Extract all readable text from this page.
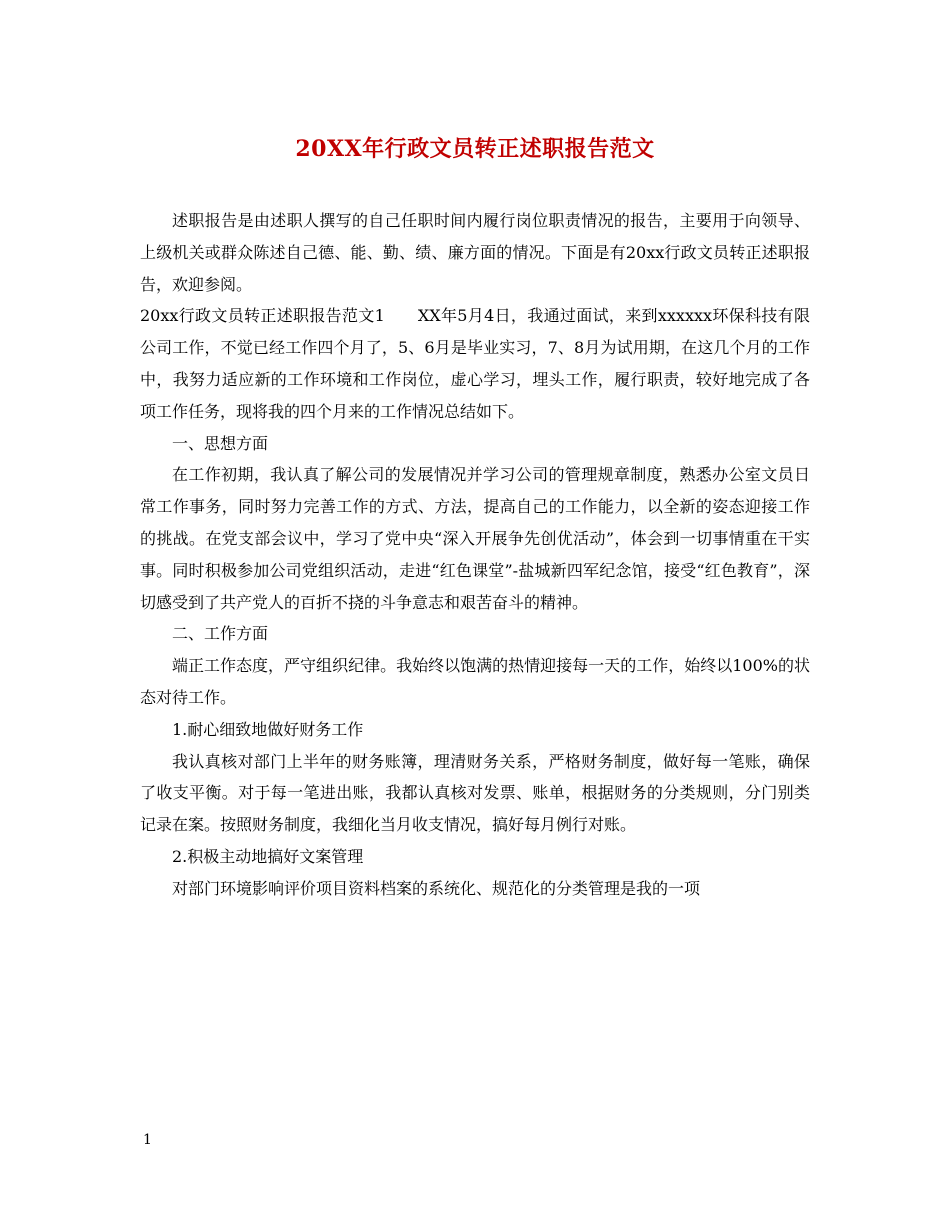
20XX年行政文员转正述职报告范文

述职报告是由述职人撰写的自己任职时间内履行岗位职责情况的报告，主要用于向领导、上级机关或群众陈述自己德、能、勤、绩、廉方面的情况。下面是有20xx行政文员转正述职报告，欢迎参阅。

20xx行政文员转正述职报告范文1　　XX年5月4日，我通过面试，来到xxxxxx环保科技有限公司工作，不觉已经工作四个月了，5、6月是毕业实习，7、8月为试用期，在这几个月的工作中，我努力适应新的工作环境和工作岗位，虚心学习，埋头工作，履行职责，较好地完成了各项工作任务，现将我的四个月来的工作情况总结如下。

一、思想方面

在工作初期，我认真了解公司的发展情况并学习公司的管理规章制度，熟悉办公室文员日常工作事务，同时努力完善工作的方式、方法，提高自己的工作能力，以全新的姿态迎接工作的挑战。在党支部会议中，学习了党中央“深入开展争先创优活动”，体会到一切事情重在干实事。同时积极参加公司党组织活动，走进“红色课堂”-盐城新四军纪念馆，接受“红色教育”，深切感受到了共产党人的百折不挠的斗争意志和艰苦奋斗的精神。

二、工作方面

端正工作态度，严守组织纪律。我始终以饱满的热情迎接每一天的工作，始终以100%的状态对待工作。

1.耐心细致地做好财务工作

我认真核对部门上半年的财务账簿，理清财务关系，严格财务制度，做好每一笔账，确保了收支平衡。对于每一笔进出账，我都认真核对发票、账单，根据财务的分类规则，分门别类记录在案。按照财务制度，我细化当月收支情况，搞好每月例行对账。

2.积极主动地搞好文案管理

对部门环境影响评价项目资料档案的系统化、规范化的分类管理是我的一项

1
